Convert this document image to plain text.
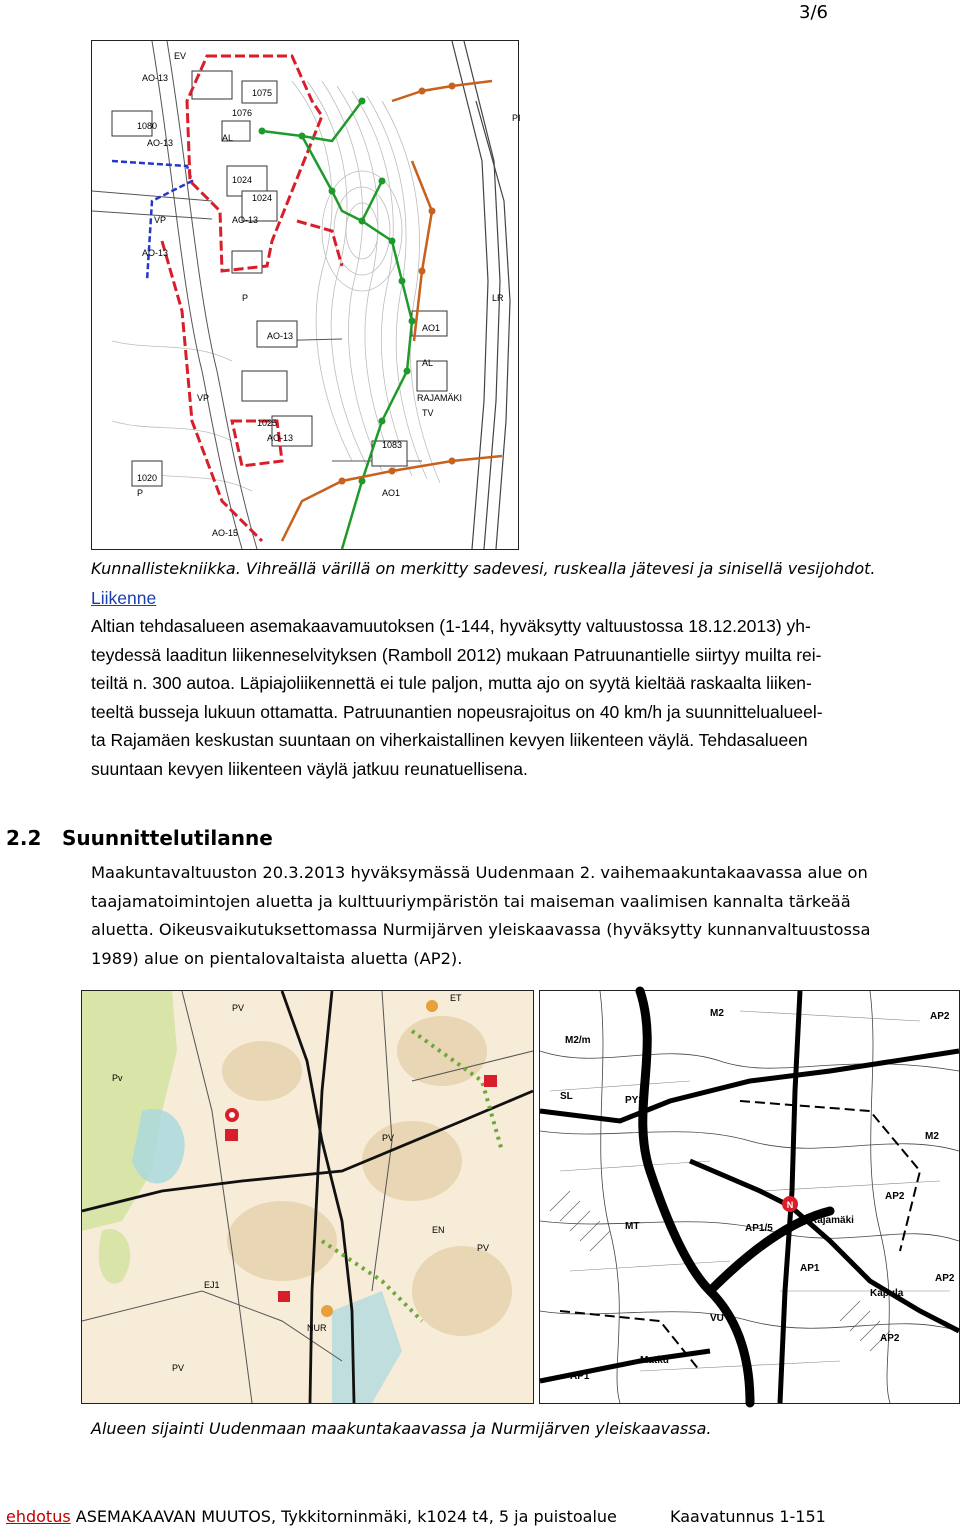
3/6
EV
AO-13
1075
1076
1080
AL
AO-13
1024
1024
VP	AO-13
AO-13
P
AO-13
VP
1025
AO-13
1083
1020
P
AO-15
PI
LR
AO1
AL
TV
RAJAMÄKI
AO1
Kunnallistekniikka. Vihreällä värillä on merkitty sadevesi, ruskealla jätevesi ja sinisellä vesijohdot.
Liikenne
Altian tehdasalueen asemakaavamuutoksen (1-144, hyväksytty valtuustossa 18.12.2013) yh-
teydessä laaditun liikenneselvityksen (Ramboll 2012) mukaan Patruunantielle siirtyy muilta rei-
teiltä n. 300 autoa. Läpiajoliikennettä ei tule paljon, mutta ajo on syytä kieltää raskaalta liiken-
teeltä busseja lukuun ottamatta. Patruunantien nopeusrajoitus on 40 km/h ja suunnittelualueel-
ta Rajamäen keskustan suuntaan on viherkaistallinen kevyen liikenteen väylä. Tehdasalueen
suuntaan kevyen liikenteen väylä jatkuu reunatuellisena.
2.2 Suunnittelutilanne
Maakuntavaltuuston 20.3.2013 hyväksymässä Uudenmaan 2. vaihemaakuntakaavassa alue on
taajamatoimintojen aluetta ja kulttuuriympäristön tai maiseman vaalimisen kannalta tärkeää
aluetta. Oikeusvaikutuksettomassa Nurmijärven yleiskaavassa (hyväksytty kunnanvaltuustossa
1989) alue on pientalovaltaista aluetta (AP2).
ET
EN
EJ1
NUR
Pv
PV
PV
PV
PV
N
M2
M2/m
SL	PY3
M2
AP2
AP2
MT	AP1/5
AP1
VU
AP2
AP2
Matku
AP1
Kapula
Rajamäki
Alueen sijainti Uudenmaan maakuntakaavassa ja Nurmijärven yleiskaavassa.
ehdotus ASEMAKAAVAN MUUTOS, Tykkitorninmäki, k1024 t4, 5 ja puistoalue	Kaavatunnus 1-151
